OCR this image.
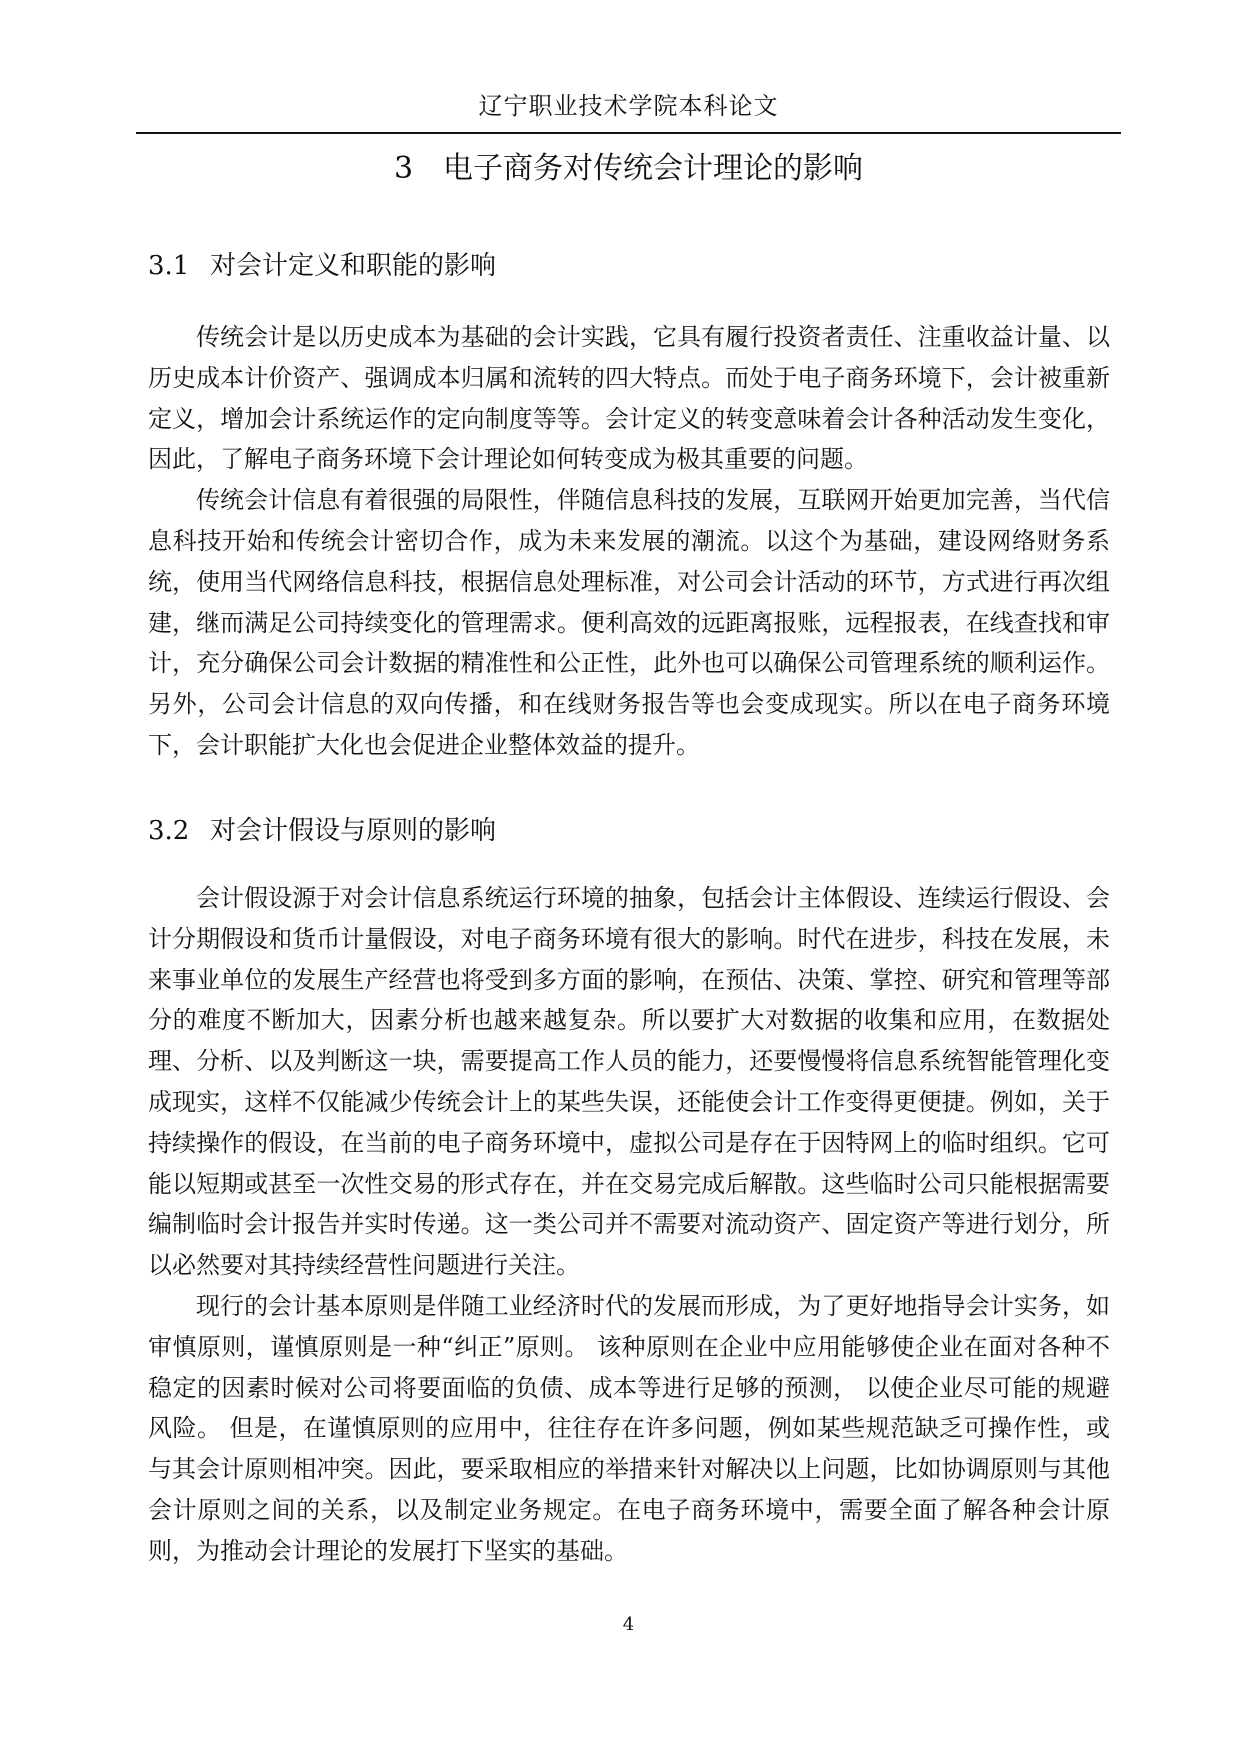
辽宁职业技术学院本科论文
3 电子商务对传统会计理论的影响
3.1 对会计定义和职能的影响

传统会计是以历史成本为基础的会计实践，它具有履行投资者责任、注重收益计量、以历史成本计价资产、强调成本归属和流转的四大特点。而处于电子商务环境下，会计被重新定义，增加会计系统运作的定向制度等等。会计定义的转变意味着会计各种活动发生变化，因此，了解电子商务环境下会计理论如何转变成为极其重要的问题。

传统会计信息有着很强的局限性，伴随信息科技的发展，互联网开始更加完善，当代信息科技开始和传统会计密切合作，成为未来发展的潮流。以这个为基础，建设网络财务系统，使用当代网络信息科技，根据信息处理标准，对公司会计活动的环节，方式进行再次组建，继而满足公司持续变化的管理需求。便利高效的远距离报账，远程报表，在线查找和审计，充分确保公司会计数据的精准性和公正性，此外也可以确保公司管理系统的顺利运作。另外，公司会计信息的双向传播，和在线财务报告等也会变成现实。所以在电子商务环境下，会计职能扩大化也会促进企业整体效益的提升。

3.2 对会计假设与原则的影响

会计假设源于对会计信息系统运行环境的抽象，包括会计主体假设、连续运行假设、会计分期假设和货币计量假设，对电子商务环境有很大的影响。时代在进步，科技在发展，未来事业单位的发展生产经营也将受到多方面的影响，在预估、决策、掌控、研究和管理等部分的难度不断加大，因素分析也越来越复杂。所以要扩大对数据的收集和应用，在数据处理、分析、以及判断这一块，需要提高工作人员的能力，还要慢慢将信息系统智能管理化变成现实，这样不仅能减少传统会计上的某些失误，还能使会计工作变得更便捷。例如，关于持续操作的假设，在当前的电子商务环境中，虚拟公司是存在于因特网上的临时组织。它可能以短期或甚至一次性交易的形式存在，并在交易完成后解散。这些临时公司只能根据需要编制临时会计报告并实时传递。这一类公司并不需要对流动资产、固定资产等进行划分，所以必然要对其持续经营性问题进行关注。

现行的会计基本原则是伴随工业经济时代的发展而形成，为了更好地指导会计实务，如审慎原则，谨慎原则是一种“纠正”原则。 该种原则在企业中应用能够使企业在面对各种不稳定的因素时候对公司将要面临的负债、成本等进行足够的预测， 以使企业尽可能的规避风险。 但是，在谨慎原则的应用中，往往存在许多问题，例如某些规范缺乏可操作性，或与其会计原则相冲突。因此，要采取相应的举措来针对解决以上问题，比如协调原则与其他会计原则之间的关系，以及制定业务规定。在电子商务环境中，需要全面了解各种会计原则，为推动会计理论的发展打下坚实的基础。

4
